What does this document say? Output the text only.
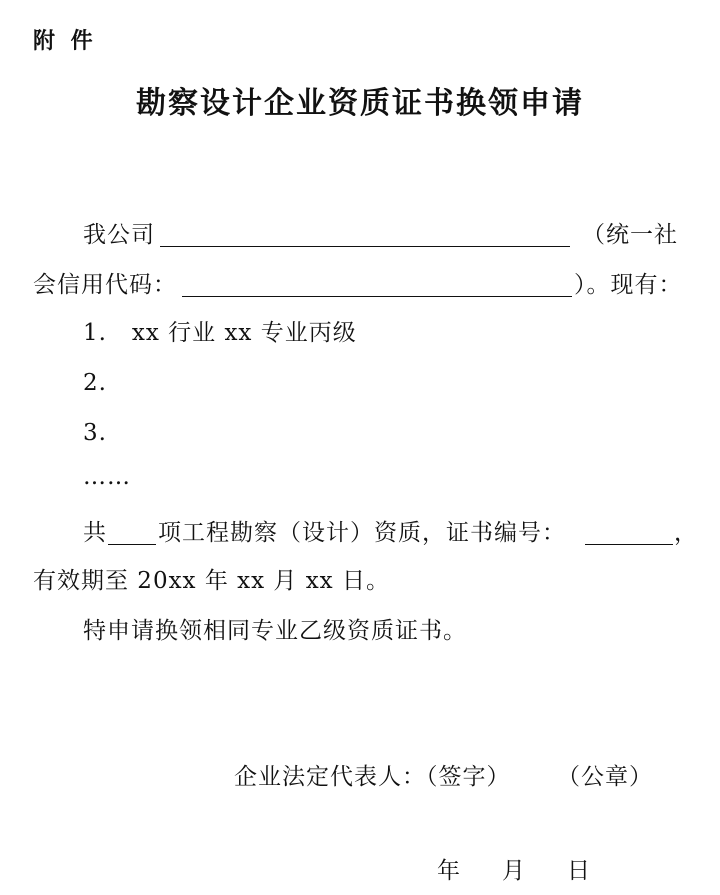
附 件
勘察设计企业资质证书换领申请
我公司	（统一社
会信用代码：	）。现有：
1.   xx 行业 xx 专业丙级
2.
3.
……
共 项工程勘察（设计）资质，证书编号：	，
有效期至 20xx 年 xx 月 xx 日。
特申请换领相同专业乙级资质证书。
企业法定代表人：（签字） （公章）
年 月 日
